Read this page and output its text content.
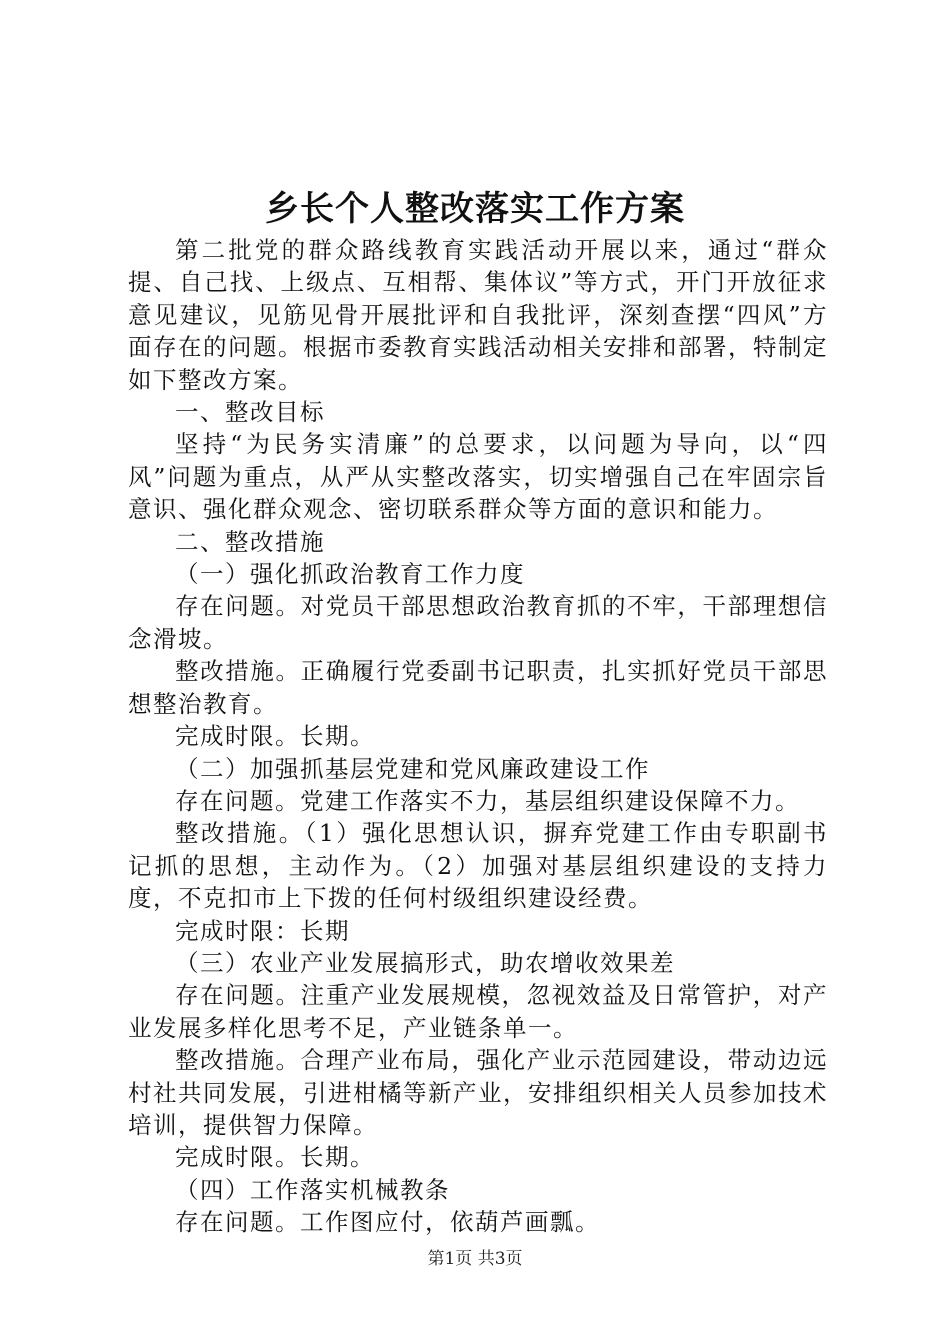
乡长个人整改落实工作方案

第二批党的群众路线教育实践活动开展以来，通过“群众提、自己找、上级点、互相帮、集体议”等方式，开门开放征求意见建议，见筋见骨开展批评和自我批评，深刻查摆“四风”方面存在的问题。根据市委教育实践活动相关安排和部署，特制定如下整改方案。

一、整改目标

坚持“为民务实清廉”的总要求，以问题为导向，以“四风”问题为重点，从严从实整改落实，切实增强自己在牢固宗旨意识、强化群众观念、密切联系群众等方面的意识和能力。

二、整改措施

（一）强化抓政治教育工作力度

存在问题。对党员干部思想政治教育抓的不牢，干部理想信念滑坡。

整改措施。正确履行党委副书记职责，扎实抓好党员干部思想整治教育。

完成时限。长期。

（二）加强抓基层党建和党风廉政建设工作

存在问题。党建工作落实不力，基层组织建设保障不力。

整改措施。（1）强化思想认识，摒弃党建工作由专职副书记抓的思想，主动作为。（2）加强对基层组织建设的支持力度，不克扣市上下拨的任何村级组织建设经费。

完成时限：长期

（三）农业产业发展搞形式，助农增收效果差

存在问题。注重产业发展规模，忽视效益及日常管护，对产业发展多样化思考不足，产业链条单一。

整改措施。合理产业布局，强化产业示范园建设，带动边远村社共同发展，引进柑橘等新产业，安排组织相关人员参加技术培训，提供智力保障。

完成时限。长期。

（四）工作落实机械教条

存在问题。工作图应付，依葫芦画瓢。

第1页 共3页
